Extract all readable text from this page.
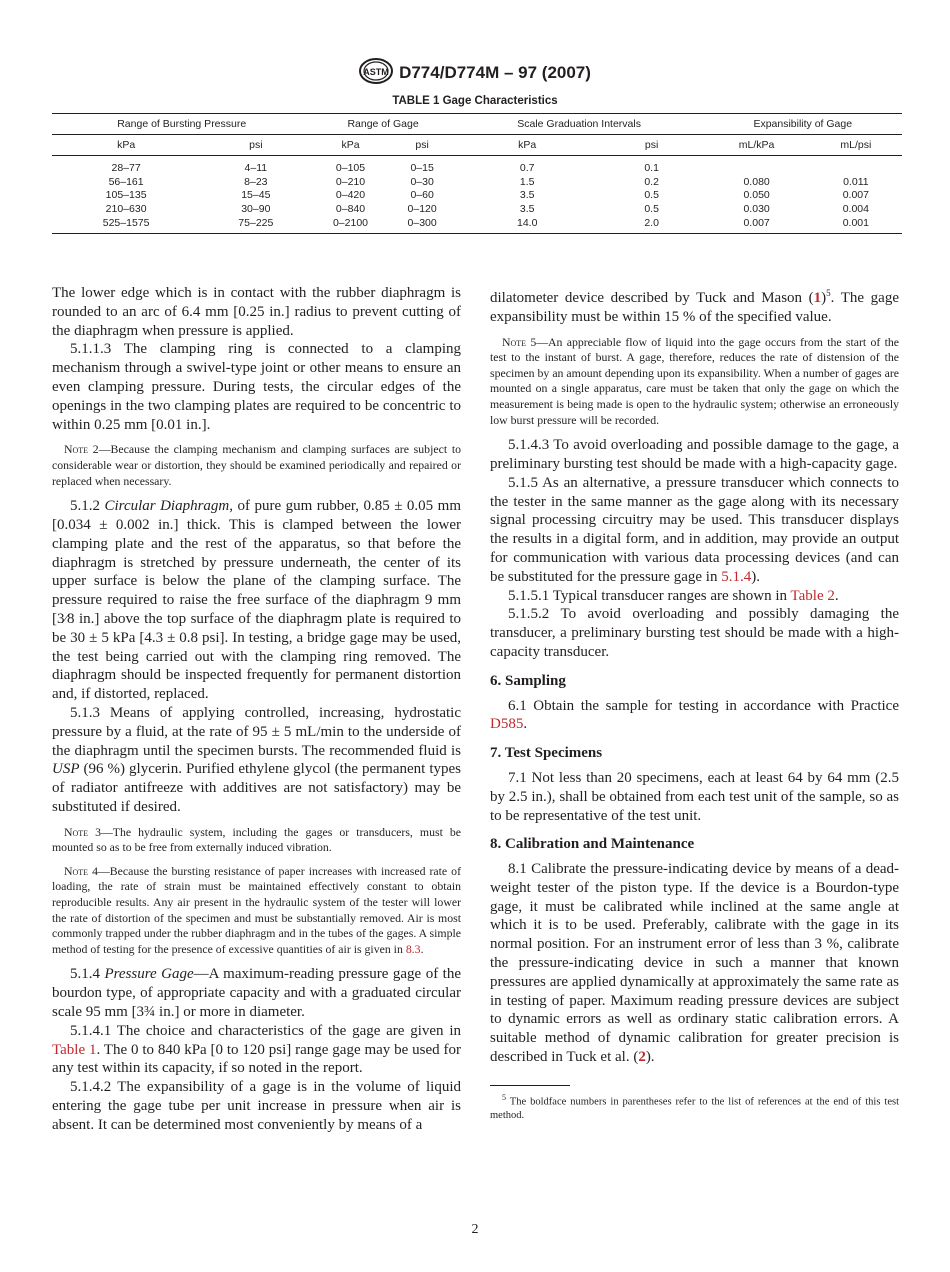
ASTM D774/D774M – 97 (2007)
TABLE 1 Gage Characteristics
Range of Bursting Pressure		Range of Gage		Scale Graduation Intervals		Expansibility of Gage	
kPa	psi	kPa	psi	kPa	psi	mL/kPa	mL/psi
28–77	4–11	0–105	0–15	0.7	0.1		
56–161	8–23	0–210	0–30	1.5	0.2	0.080	0.011
105–135	15–45	0–420	0–60	3.5	0.5	0.050	0.007
210–630	30–90	0–840	0–120	3.5	0.5	0.030	0.004
525–1575	75–225	0–2100	0–300	14.0	2.0	0.007	0.001

The lower edge which is in contact with the rubber diaphragm is rounded to an arc of 6.4 mm [0.25 in.] radius to prevent cutting of the diaphragm when pressure is applied.

5.1.1.3 The clamping ring is connected to a clamping mechanism through a swivel-type joint or other means to ensure an even clamping pressure. During tests, the circular edges of the openings in the two clamping plates are required to be concentric to within 0.25 mm [0.01 in.].

Note 2—Because the clamping mechanism and clamping surfaces are subject to considerable wear or distortion, they should be examined periodically and repaired or replaced when necessary.

5.1.2 Circular Diaphragm, of pure gum rubber, 0.85 ± 0.05 mm [0.034 ± 0.002 in.] thick. This is clamped between the lower clamping plate and the rest of the apparatus, so that before the diaphragm is stretched by pressure underneath, the center of its upper surface is below the plane of the clamping surface. The pressure required to raise the free surface of the diaphragm 9 mm [3⁄8 in.] above the top surface of the diaphragm plate is required to be 30 ± 5 kPa [4.3 ± 0.8 psi]. In testing, a bridge gage may be used, the test being carried out with the clamping ring removed. The diaphragm should be inspected frequently for permanent distortion and, if distorted, replaced.

5.1.3 Means of applying controlled, increasing, hydrostatic pressure by a fluid, at the rate of 95 ± 5 mL/min to the underside of the diaphragm until the specimen bursts. The recommended fluid is USP (96 %) glycerin. Purified ethylene glycol (the permanent types of radiator antifreeze with additives are not satisfactory) may be substituted if desired.

Note 3—The hydraulic system, including the gages or transducers, must be mounted so as to be free from externally induced vibration.

Note 4—Because the bursting resistance of paper increases with increased rate of loading, the rate of strain must be maintained effectively constant to obtain reproducible results. Any air present in the hydraulic system of the tester will lower the rate of distortion of the specimen and must be substantially removed. Air is most commonly trapped under the rubber diaphragm and in the tubes of the gages. A simple method of testing for the presence of excessive quantities of air is given in 8.3.

5.1.4 Pressure Gage—A maximum-reading pressure gage of the bourdon type, of appropriate capacity and with a graduated circular scale 95 mm [3¾ in.] or more in diameter.

5.1.4.1 The choice and characteristics of the gage are given in Table 1. The 0 to 840 kPa [0 to 120 psi] range gage may be used for any test within its capacity, if so noted in the report.

5.1.4.2 The expansibility of a gage is in the volume of liquid entering the gage tube per unit increase in pressure when air is absent. It can be determined most conveniently by means of a

dilatometer device described by Tuck and Mason $(1)^5$. The gage expansibility must be within 15 % of the specified value.

Note 5—An appreciable flow of liquid into the gage occurs from the start of the test to the instant of burst. A gage, therefore, reduces the rate of distension of the specimen by an amount depending upon its expansibility. When a number of gages are mounted on a single apparatus, care must be taken that only the gage on which the measurement is being made is open to the hydraulic system; otherwise an erroneously low burst pressure will be recorded.

5.1.4.3 To avoid overloading and possible damage to the gage, a preliminary bursting test should be made with a high-capacity gage.

5.1.5 As an alternative, a pressure transducer which connects to the tester in the same manner as the gage along with its necessary signal processing circuitry may be used. This transducer displays the results in a digital form, and in addition, may provide an output for communication with various data processing devices (and can be substituted for the pressure gage in 5.1.4).

5.1.5.1 Typical transducer ranges are shown in Table 2.

5.1.5.2 To avoid overloading and possibly damaging the transducer, a preliminary bursting test should be made with a high-capacity transducer.

6. Sampling

6.1 Obtain the sample for testing in accordance with Practice D585.

7. Test Specimens

7.1 Not less than 20 specimens, each at least 64 by 64 mm (2.5 by 2.5 in.), shall be obtained from each test unit of the sample, so as to be representative of the test unit.

8. Calibration and Maintenance

8.1 Calibrate the pressure-indicating device by means of a dead-weight tester of the piston type. If the device is a Bourdon-type gage, it must be calibrated while inclined at the same angle at which it is to be used. Preferably, calibrate with the gage in its normal position. For an instrument error of less than 3 %, calibrate the pressure-indicating device in such a manner that known pressures are applied dynamically at approximately the same rate as in testing of paper. Maximum reading pressure devices are subject to dynamic errors as well as ordinary static calibration errors. A suitable method of dynamic calibration for greater precision is described in Tuck et al. (2).

$^5$ The boldface numbers in parentheses refer to the list of references at the end of this test method.

2
